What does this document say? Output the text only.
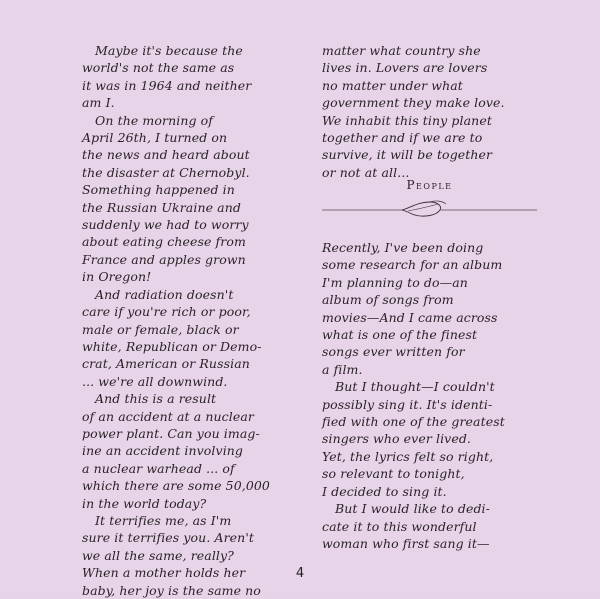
Maybe it's because the
world's not the same as
it was in 1964 and neither
am I.
On the morning of
April 26th, I turned on
the news and heard about
the disaster at Chernobyl.
Something happened in
the Russian Ukraine and
suddenly we had to worry
about eating cheese from
France and apples grown
in Oregon!
And radiation doesn't
care if you're rich or poor,
male or female, black or
white, Republican or Demo-
crat, American or Russian
... we're all downwind.
And this is a result
of an accident at a nuclear
power plant. Can you imag-
ine an accident involving
a nuclear warhead ... of
which there are some 50,000
in the world today?
It terrifies me, as I'm
sure it terrifies you. Aren't
we all the same, really?
When a mother holds her
baby, her joy is the same no
matter what country she
lives in. Lovers are lovers
no matter under what
government they make love.
We inhabit this tiny planet
together and if we are to
survive, it will be together
or not at all...
People
Recently, I've been doing
some research for an album
I'm planning to do—an
album of songs from
movies—And I came across
what is one of the finest
songs ever written for
a film.
But I thought—I couldn't
possibly sing it. It's identi-
fied with one of the greatest
singers who ever lived.
Yet, the lyrics felt so right,
so relevant to tonight,
I decided to sing it.
But I would like to dedi-
cate it to this wonderful
woman who first sang it—
4
